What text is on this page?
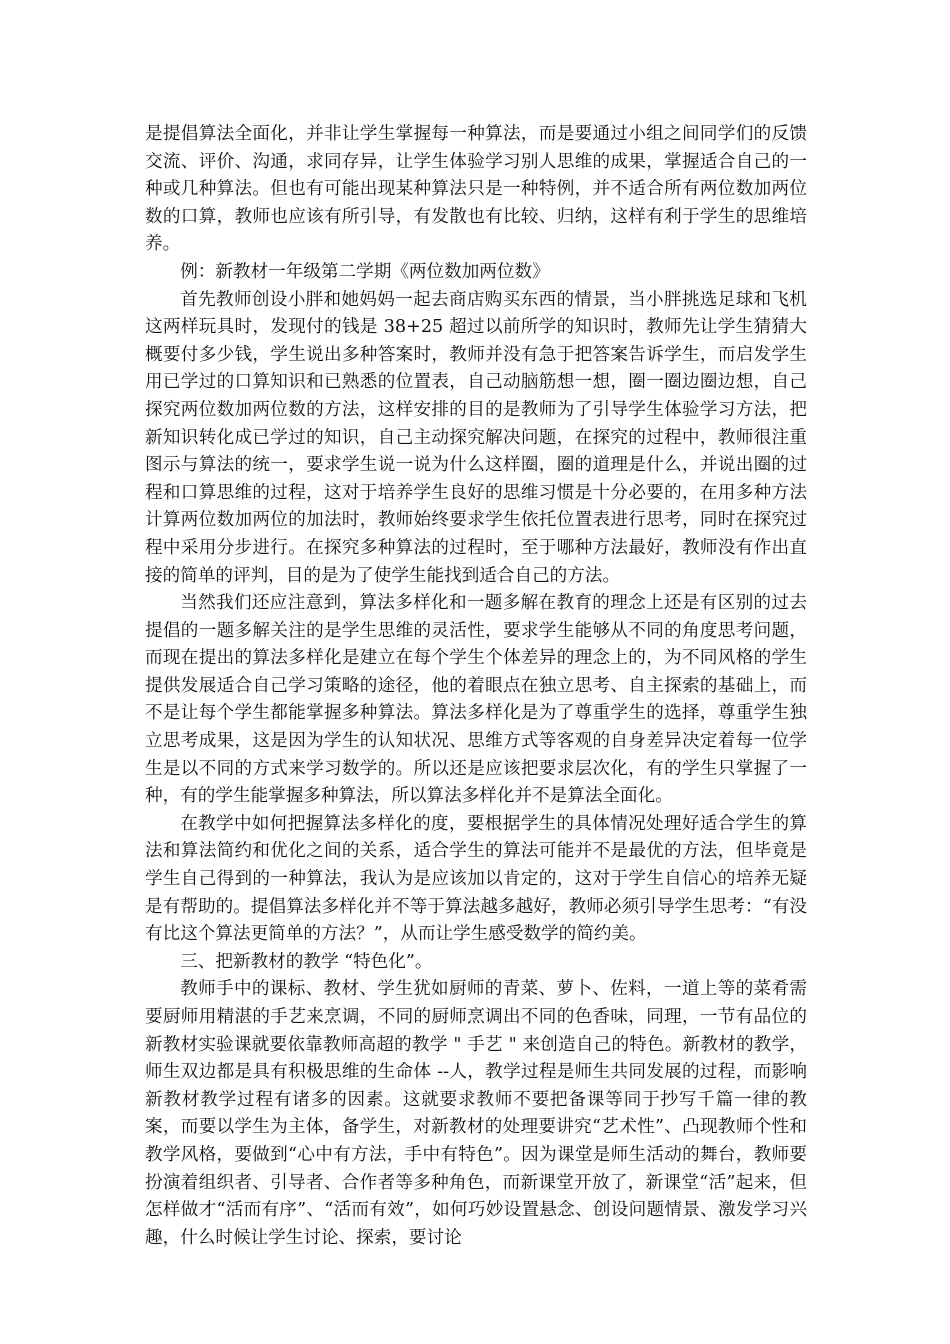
是提倡算法全面化，并非让学生掌握每一种算法，而是要通过小组之间同学们的反馈交流、评价、沟通，求同存异，让学生体验学习别人思维的成果，掌握适合自己的一种或几种算法。但也有可能出现某种算法只是一种特例，并不适合所有两位数加两位数的口算，教师也应该有所引导，有发散也有比较、归纳，这样有利于学生的思维培养。

例：新教材一年级第二学期《两位数加两位数》

首先教师创设小胖和她妈妈一起去商店购买东西的情景，当小胖挑选足球和飞机这两样玩具时，发现付的钱是 38+25 超过以前所学的知识时，教师先让学生猜猜大概要付多少钱，学生说出多种答案时，教师并没有急于把答案告诉学生，而启发学生用已学过的口算知识和已熟悉的位置表，自己动脑筋想一想，圈一圈边圈边想，自己探究两位数加两位数的方法，这样安排的目的是教师为了引导学生体验学习方法，把新知识转化成已学过的知识，自己主动探究解决问题，在探究的过程中，教师很注重图示与算法的统一，要求学生说一说为什么这样圈，圈的道理是什么，并说出圈的过程和口算思维的过程，这对于培养学生良好的思维习惯是十分必要的，在用多种方法计算两位数加两位的加法时，教师始终要求学生依托位置表进行思考，同时在探究过程中采用分步进行。在探究多种算法的过程时，至于哪种方法最好，教师没有作出直接的简单的评判，目的是为了使学生能找到适合自己的方法。

当然我们还应注意到，算法多样化和一题多解在教育的理念上还是有区别的过去提倡的一题多解关注的是学生思维的灵活性，要求学生能够从不同的角度思考问题，而现在提出的算法多样化是建立在每个学生个体差异的理念上的，为不同风格的学生提供发展适合自己学习策略的途径，他的着眼点在独立思考、自主探索的基础上，而不是让每个学生都能掌握多种算法。算法多样化是为了尊重学生的选择，尊重学生独立思考成果，这是因为学生的认知状况、思维方式等客观的自身差异决定着每一位学生是以不同的方式来学习数学的。所以还是应该把要求层次化，有的学生只掌握了一种，有的学生能掌握多种算法，所以算法多样化并不是算法全面化。

在教学中如何把握算法多样化的度，要根据学生的具体情况处理好适合学生的算法和算法简约和优化之间的关系，适合学生的算法可能并不是最优的方法，但毕竟是学生自己得到的一种算法，我认为是应该加以肯定的，这对于学生自信心的培养无疑是有帮助的。提倡算法多样化并不等于算法越多越好，教师必须引导学生思考：“有没有比这个算法更简单的方法？”，从而让学生感受数学的简约美。

三、把新教材的教学 “特色化”。

教师手中的课标、教材、学生犹如厨师的青菜、萝卜、佐料，一道上等的菜肴需要厨师用精湛的手艺来烹调，不同的厨师烹调出不同的色香味，同理，一节有品位的新教材实验课就要依靠教师高超的教学 " 手艺 " 来创造自己的特色。新教材的教学，师生双边都是具有积极思维的生命体 --人，教学过程是师生共同发展的过程，而影响新教材教学过程有诸多的因素。这就要求教师不要把备课等同于抄写千篇一律的教案，而要以学生为主体，备学生，对新教材的处理要讲究“艺术性”、凸现教师个性和教学风格，要做到“心中有方法，手中有特色”。因为课堂是师生活动的舞台，教师要扮演着组织者、引导者、合作者等多种角色，而新课堂开放了，新课堂“活”起来，但怎样做才“活而有序”、“活而有效”，如何巧妙设置悬念、创设问题情景、激发学习兴趣，什么时候让学生讨论、探索，要讨论
